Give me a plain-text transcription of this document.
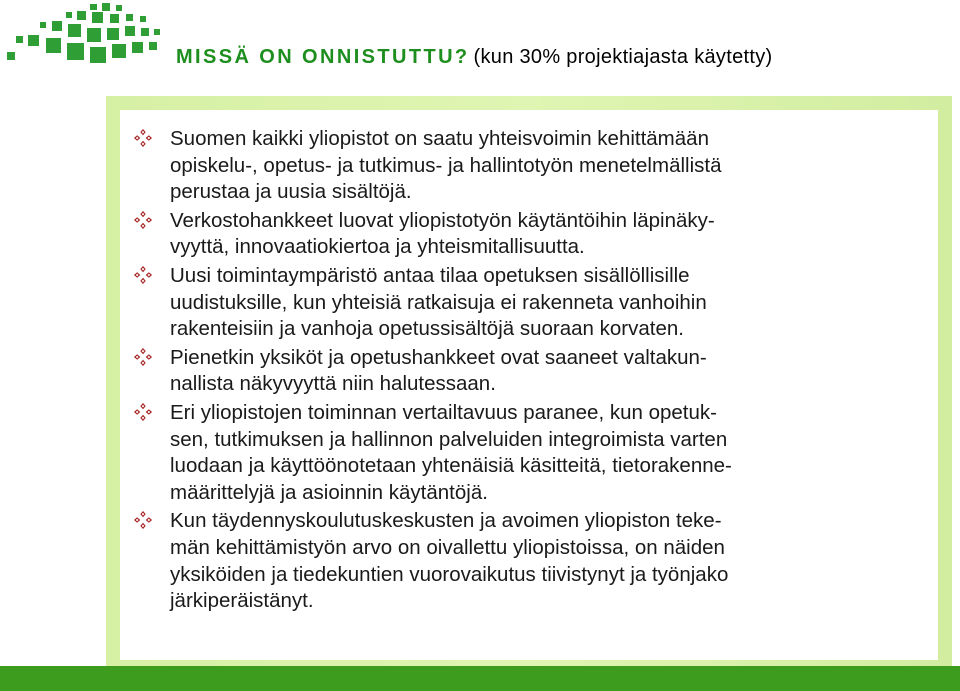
MISSÄ ON ONNISTUTTU? (kun 30% projektiajasta käytetty)
Suomen kaikki yliopistot on saatu yhteisvoimin kehittämään
opiskelu-, opetus- ja tutkimus- ja hallintotyön menetelmällistä
perustaa ja uusia sisältöjä.
Verkostohankkeet luovat yliopistotyön käytäntöihin läpinäky-
vyyttä, innovaatiokiertoa ja yhteismitallisuutta.
Uusi toimintaympäristö antaa tilaa opetuksen sisällöllisille
uudistuksille, kun yhteisiä ratkaisuja ei rakenneta vanhoihin
rakenteisiin ja vanhoja opetussisältöjä suoraan korvaten.
Pienetkin yksiköt ja opetushankkeet ovat saaneet valtakun-
nallista näkyvyyttä niin halutessaan.
Eri yliopistojen toiminnan vertailtavuus paranee, kun opetuk-
sen, tutkimuksen ja hallinnon palveluiden integroimista varten
luodaan ja käyttöönotetaan yhtenäisiä käsitteitä, tietorakenne-
määrittelyjä ja asioinnin käytäntöjä.
Kun täydennyskoulutuskeskusten ja avoimen yliopiston teke-
män kehittämistyön arvo on oivallettu yliopistoissa, on näiden
yksiköiden ja tiedekuntien vuorovaikutus tiivistynyt ja työnjako
järkiperäistänyt.
